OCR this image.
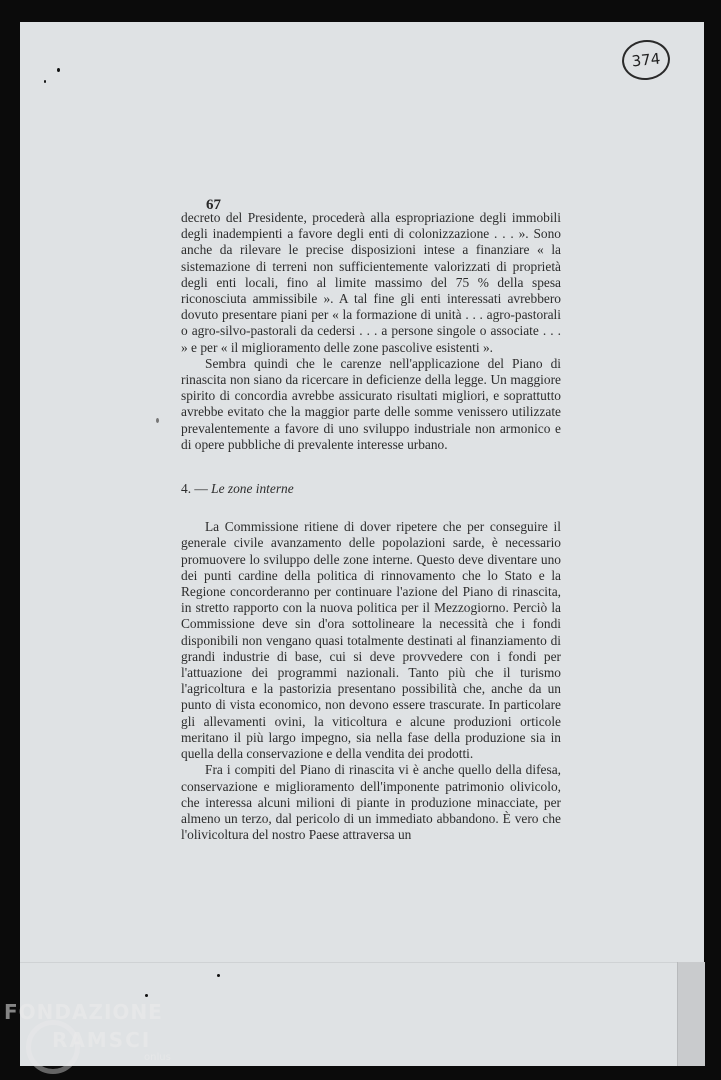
374
67

decreto del Presidente, procederà alla espropriazione degli immobili degli inadempienti a favore degli enti di colonizzazione . . . ». Sono anche da rilevare le precise disposizioni intese a finanziare « la sistemazione di terreni non sufficientemente valorizzati di proprietà degli enti locali, fino al limite massimo del 75 % della spesa riconosciuta ammissibile ». A tal fine gli enti interessati avrebbero dovuto presentare piani per « la formazione di unità . . . agro-pastorali o agro-silvo-pastorali da cedersi . . . a persone singole o associate . . . » e per « il miglioramento delle zone pascolive esistenti ».

Sembra quindi che le carenze nell'applicazione del Piano di rinascita non siano da ricercare in deficienze della legge. Un maggiore spirito di concordia avrebbe assicurato risultati migliori, e soprattutto avrebbe evitato che la maggior parte delle somme venissero utilizzate prevalentemente a favore di uno sviluppo industriale non armonico e di opere pubbliche di prevalente interesse urbano.

4. — Le zone interne

La Commissione ritiene di dover ripetere che per conseguire il generale civile avanzamento delle popolazioni sarde, è necessario promuovere lo sviluppo delle zone interne. Questo deve diventare uno dei punti cardine della politica di rinnovamento che lo Stato e la Regione concorderanno per continuare l'azione del Piano di rinascita, in stretto rapporto con la nuova politica per il Mezzogiorno. Perciò la Commissione deve sin d'ora sottolineare la necessità che i fondi disponibili non vengano quasi totalmente destinati al finanziamento di grandi industrie di base, cui si deve provvedere con i fondi per l'attuazione dei programmi nazionali. Tanto più che il turismo l'agricoltura e la pastorizia presentano possibilità che, anche da un punto di vista economico, non devono essere trascurate. In particolare gli allevamenti ovini, la viticoltura e alcune produzioni orticole meritano il più largo impegno, sia nella fase della produzione sia in quella della conservazione e della vendita dei prodotti.

Fra i compiti del Piano di rinascita vi è anche quello della difesa, conservazione e miglioramento dell'imponente patrimonio olivicolo, che interessa alcuni milioni di piante in produzione minacciate, per almeno un terzo, dal pericolo di un immediato abbandono. È vero che l'olivicoltura del nostro Paese attraversa un

FONDAZIONE
RAMSCI
onlus
